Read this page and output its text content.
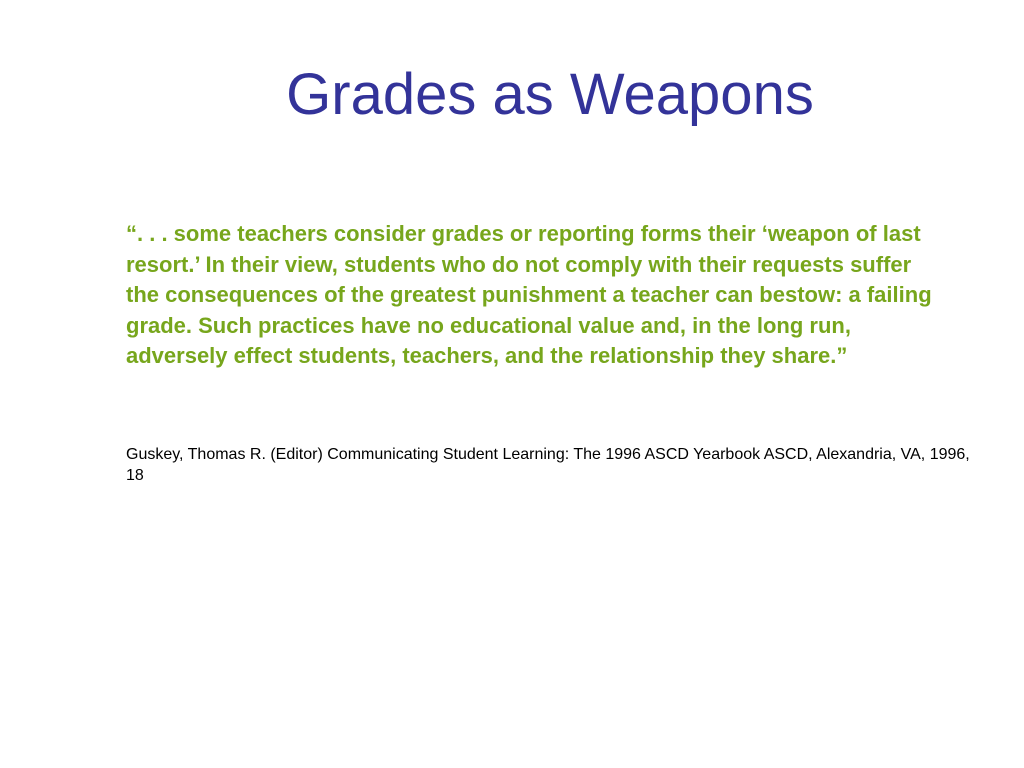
Grades as Weapons

“. . . some teachers consider grades or reporting forms their ‘weapon of last resort.’ In their view, students who do not comply with their requests suffer the consequences of the greatest punishment a teacher can bestow: a failing grade. Such practices have no educational value and, in the long run, adversely effect students, teachers, and the relationship they share.”

Guskey, Thomas R. (Editor) Communicating Student Learning: The 1996 ASCD Yearbook ASCD, Alexandria, VA, 1996, 18
